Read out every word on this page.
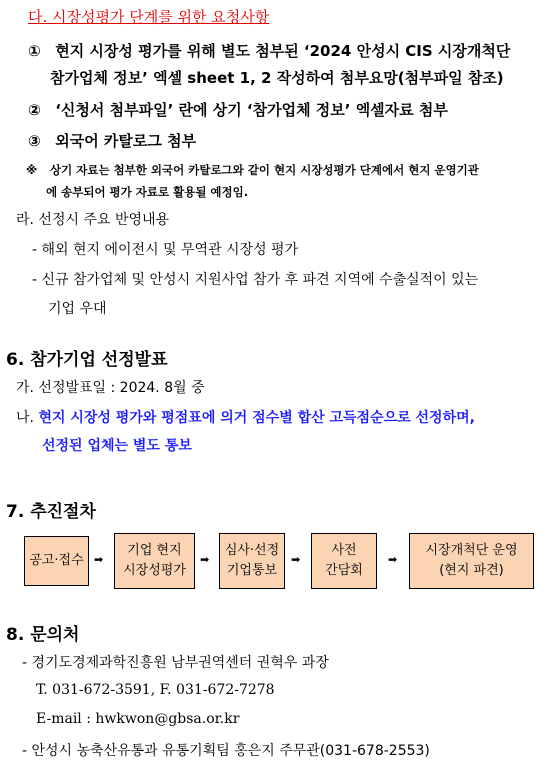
다. 시장성평가 단계를 위한 요청사항
① 현지 시장성 평가를 위해 별도 첨부된 ‘2024 안성시 CIS 시장개척단
참가업체 정보’ 엑셀 sheet 1, 2 작성하여 첨부요망(첨부파일 참조)
② ‘신청서 첨부파일’ 란에 상기 ‘참가업체 정보’ 엑셀자료 첨부
③ 외국어 카탈로그 첨부
※ 상기 자료는 첨부한 외국어 카탈로그와 같이 현지 시장성평가 단계에서 현지 운영기관
에 송부되어 평가 자료로 활용될 예정임.
라. 선정시 주요 반영내용
- 해외 현지 에이전시 및 무역관 시장성 평가
- 신규 참가업체 및 안성시 지원사업 참가 후 파견 지역에 수출실적이 있는
기업 우대
6. 참가기업 선정발표
가. 선정발표일 : 2024. 8월 중
나. 현지 시장성 평가와 평점표에 의거 점수별 합산 고득점순으로 선정하며,
선정된 업체는 별도 통보
7. 추진절차
공고·접수 ➡
기업 현지
시장성평가
➡
심사·선정
기업통보
➡
사전
간담회
➡
시장개척단 운영
(현지 파견)
8. 문의처
- 경기도경제과학진흥원 남부권역센터 권혁우 과장
T. 031-672-3591, F. 031-672-7278
E-mail : hwkwon@gbsa.or.kr
- 안성시 농축산유통과 유통기획팀 홍은지 주무관(031-678-2553)
